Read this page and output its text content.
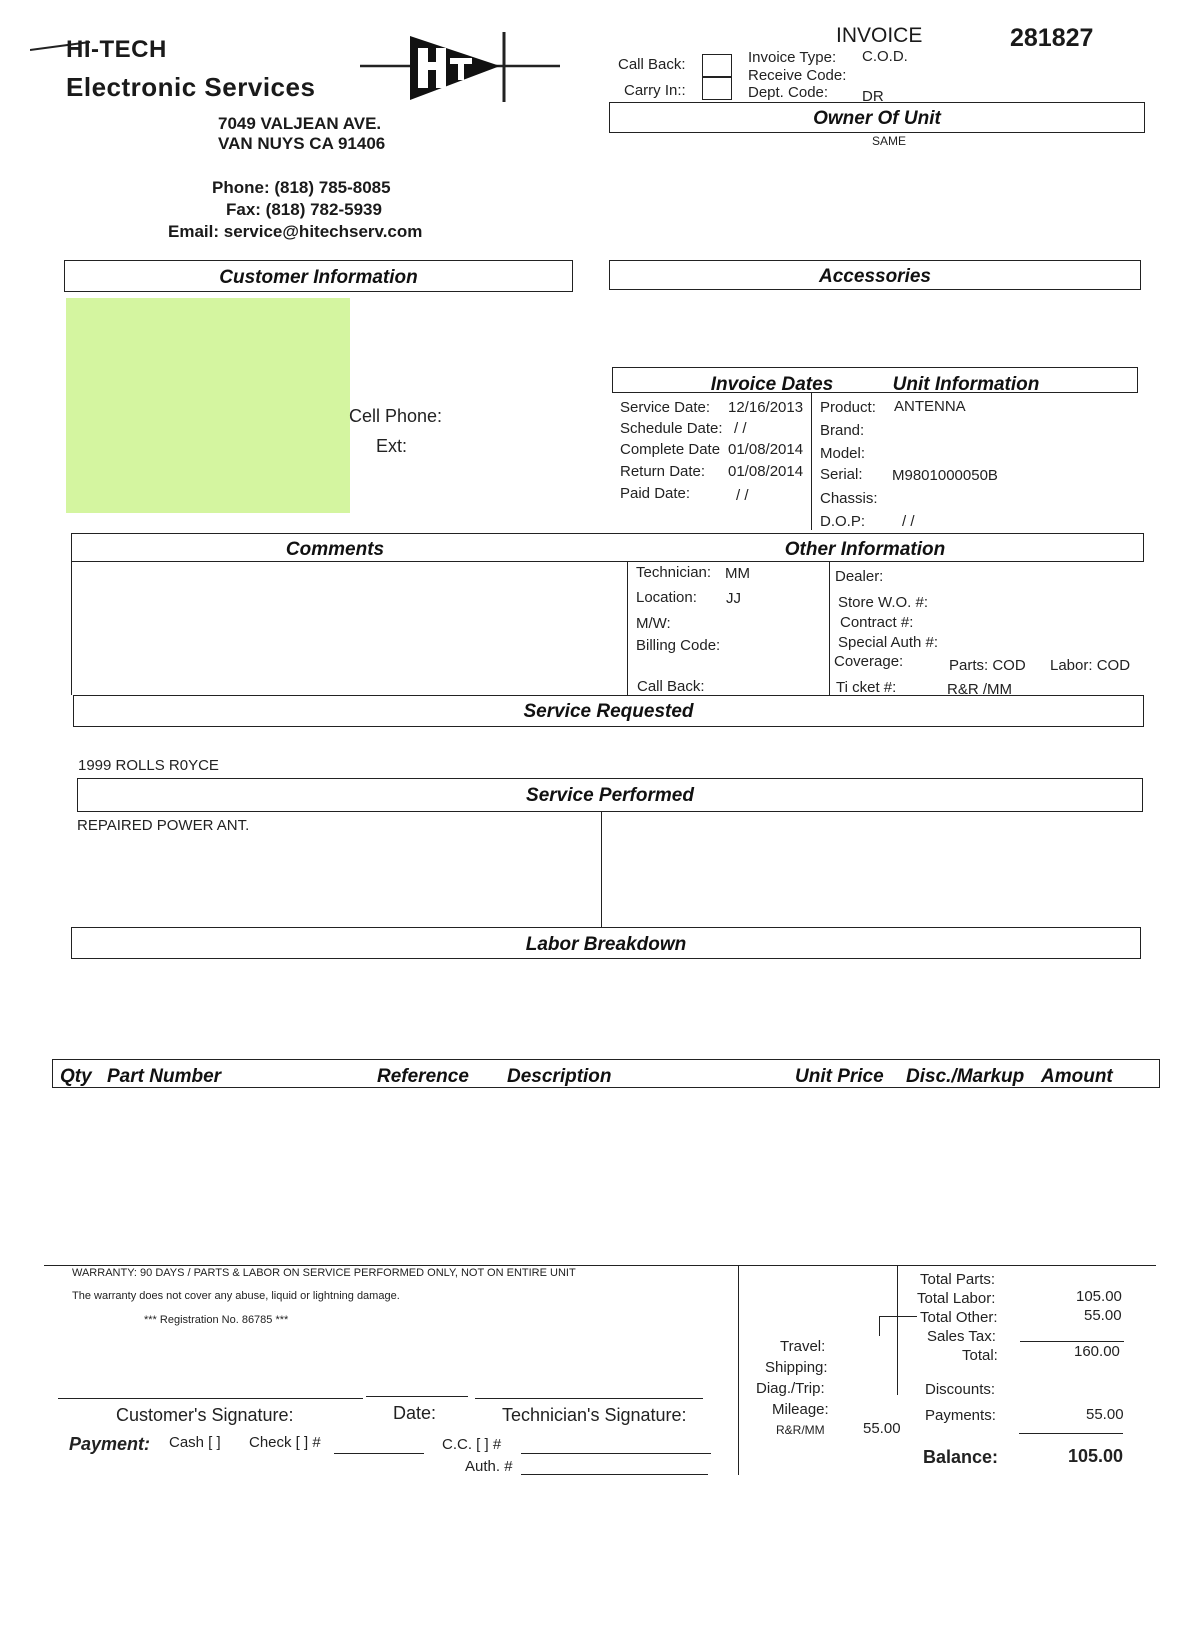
HI-TECH
Electronic Services
7049 VALJEAN AVE.
VAN NUYS CA 91406
Phone: (818) 785-8085
Fax: (818) 782-5939
Email: service@hitechserv.com
INVOICE	281827
Call Back:
Carry In::
Invoice Type: C.O.D.
Receive Code:
Dept. Code: DR
Owner Of Unit
SAME
Customer Information
Cell Phone:
Ext:
Accessories
Invoice Dates	Unit Information
Service Date: 12/16/2013
Schedule Date: / /
Complete Date 01/08/2014
Return Date: 01/08/2014
Paid Date:	/ /
Product: ANTENNA
Brand:
Model:
Serial: M9801000050B
Chassis:
D.O.P: / /
Comments	Other Information
Technician: MM
Location: JJ
M/W:
Billing Code:
Call Back:
Dealer:
Store W.O. #:
Contract #:
Special Auth #:
Coverage:	Parts: COD Labor: COD
Ti cket #:	R&R /MM
Service Requested
1999 ROLLS R0YCE
Service Performed
REPAIRED POWER ANT.
Labor Breakdown
Qty Part Number	Reference Description	Unit Price Disc./Markup Amount
WARRANTY: 90 DAYS / PARTS & LABOR ON SERVICE PERFORMED ONLY, NOT ON ENTIRE UNIT
The warranty does not cover any abuse, liquid or lightning damage.
*** Registration No. 86785 ***
Customer's Signature:	Date:	Technician's Signature:
Payment: Cash [ ] Check [ ] #	C.C. [ ] #
Auth. #
Travel:
Shipping:
Diag./Trip:
Mileage:
R&R/MM	55.00
Total Parts:
Total Labor:	105.00
Total Other:	55.00
Sales Tax:
Total:	160.00
Discounts:
Payments:	55.00
Balance:	105.00
